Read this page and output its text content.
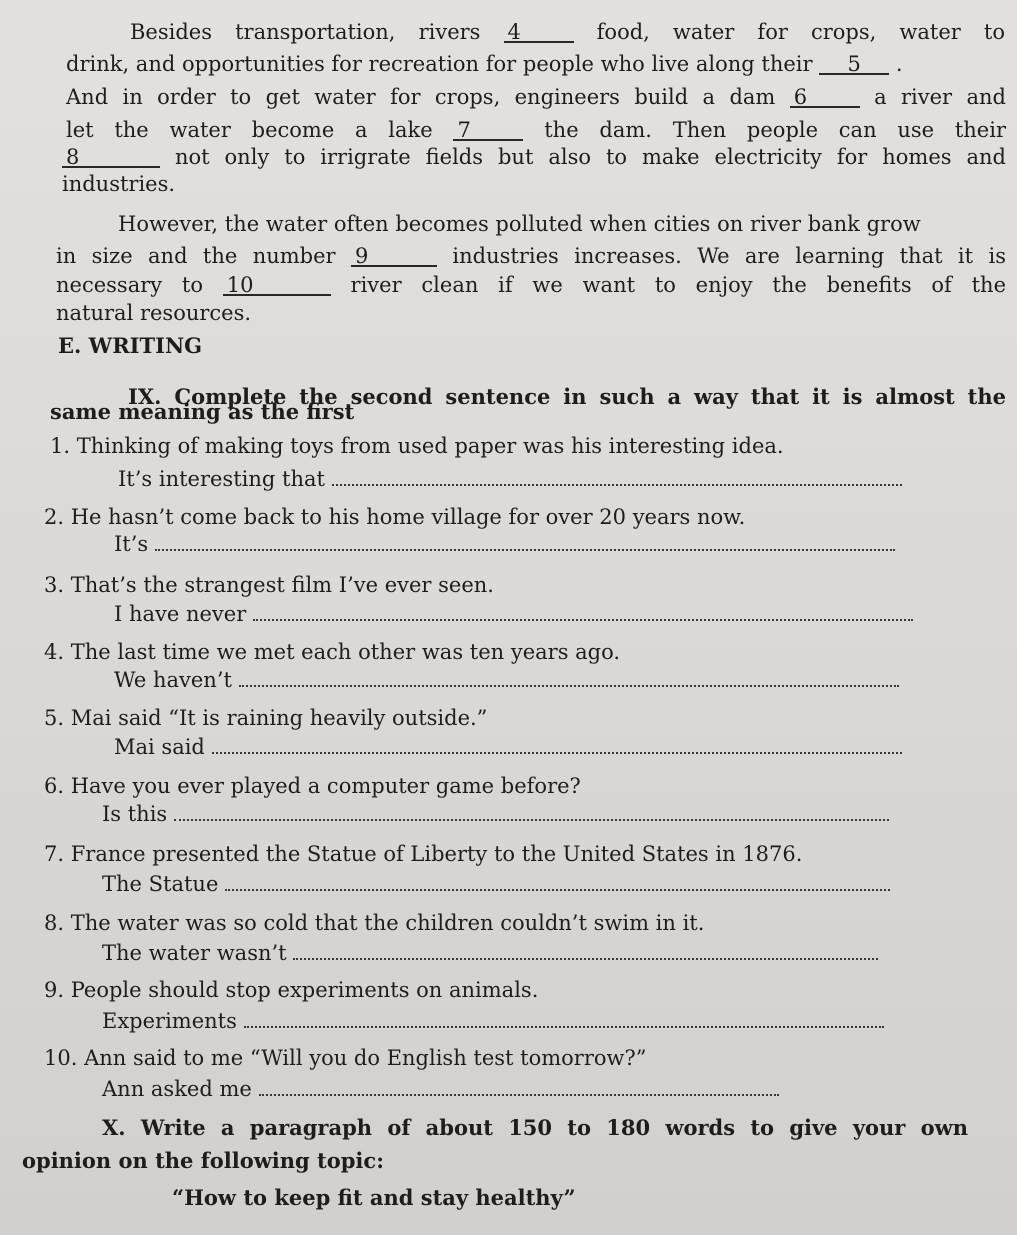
Besides transportation, rivers 4	food, water for crops, water to
drink, and opportunities for recreation for people who live along their 5 .
And in order to get water for crops, engineers build a dam 6	a river and
let the water become a lake 7	the dam. Then people can use their
8	not only to irrigrate fields but also to make electricity for homes and
industries.
However, the water often becomes polluted when cities on river bank grow
in size and the number 9	industries increases. We are learning that it is
necessary to 10	river clean if we want to enjoy the benefits of the
natural resources.
E. WRITING
IX. Complete the second sentence in such a way that it is almost the
same meaning as the first
1. Thinking of making toys from used paper was his interesting idea.
It’s interesting that
2. He hasn’t come back to his home village for over 20 years now.
It’s
3. That’s the strangest film I’ve ever seen.
I have never
4. The last time we met each other was ten years ago.
We haven’t
5. Mai said “It is raining heavily outside.”
Mai said
6. Have you ever played a computer game before?
Is this
7. France presented the Statue of Liberty to the United States in 1876.
The Statue
8. The water was so cold that the children couldn’t swim in it.
The water wasn’t
9. People should stop experiments on animals.
Experiments
10. Ann said to me “Will you do English test tomorrow?”
Ann asked me
X. Write a paragraph of about 150 to 180 words to give your own
opinion on the following topic:
“How to keep fit and stay healthy”
